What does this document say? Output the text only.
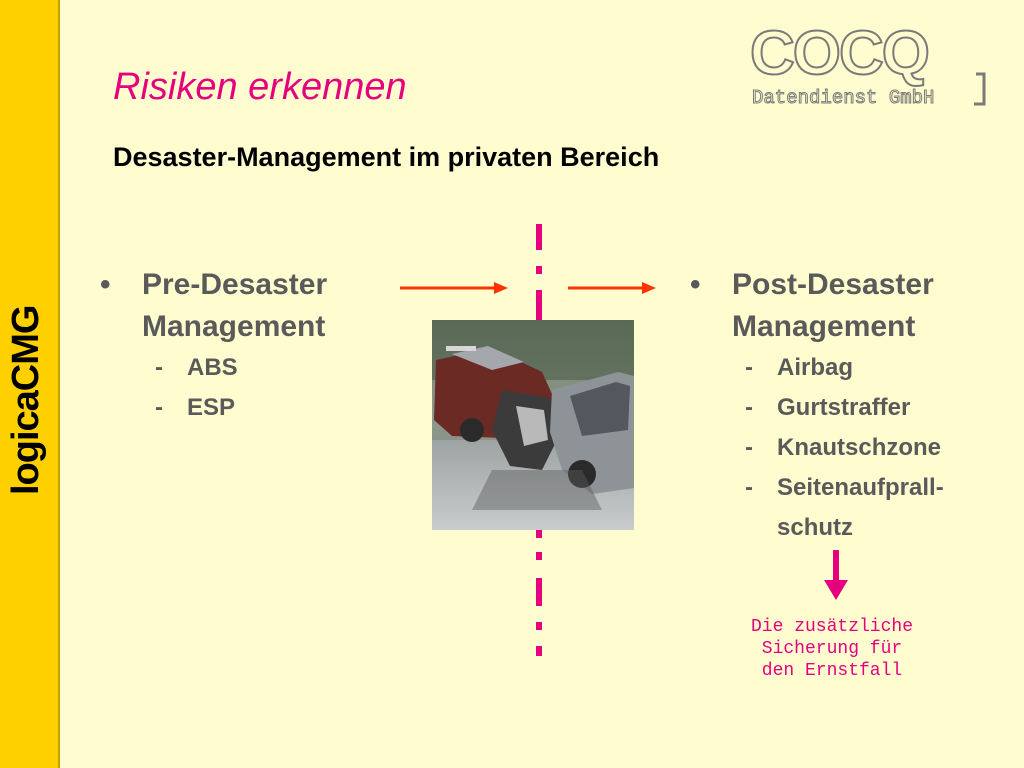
logicaCMG
Risiken erkennen
Desaster-Management im privaten Bereich
COCQ
Datendienst GmbH
•	Pre-Desaster Management
-	ABS
-	ESP
•	Post-Desaster Management
-	Airbag
-	Gurtstraffer
-	Knautschzone
-	Seitenaufprall-schutz
Die zusätzliche
Sicherung für
den Ernstfall
